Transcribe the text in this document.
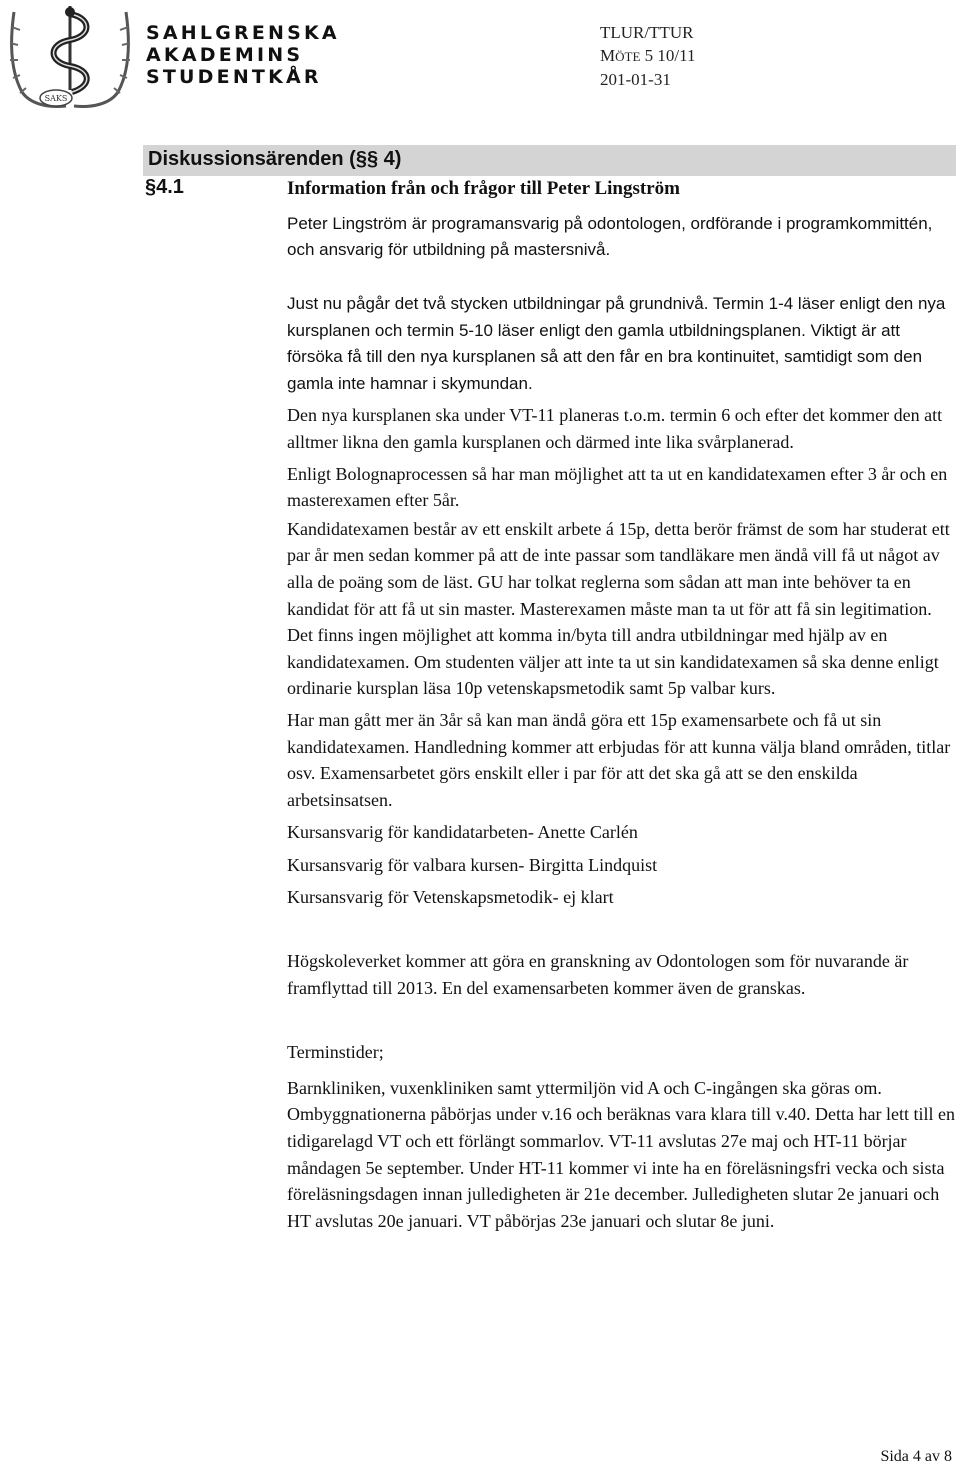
SAKS
SAHLGRENSKA
AKADEMINS
STUDENTKÅR
TLUR/TTUR
MÖTE 5 10/11
201-01-31
Diskussionsärenden (§§ 4)
§4.1	Information från och frågor till Peter Lingström

Peter Lingström är programansvarig på odontologen, ordförande i programkommittén, och ansvarig för utbildning på mastersnivå.

Just nu pågår det två stycken utbildningar på grundnivå. Termin 1-4 läser enligt den nya kursplanen och termin 5-10 läser enligt den gamla utbildningsplanen. Viktigt är att försöka få till den nya kursplanen så att den får en bra kontinuitet, samtidigt som den gamla inte hamnar i skymundan.

Den nya kursplanen ska under VT-11 planeras t.o.m. termin 6 och efter det kommer den att alltmer likna den gamla kursplanen och därmed inte lika svårplanerad.

Enligt Bolognaprocessen så har man möjlighet att ta ut en kandidatexamen efter 3 år och en masterexamen efter 5år.

Kandidatexamen består av ett enskilt arbete á 15p, detta berör främst de som har studerat ett par år men sedan kommer på att de inte passar som tandläkare men ändå vill få ut något av alla de poäng som de läst. GU har tolkat reglerna som sådan att man inte behöver ta en kandidat för att få ut sin master. Masterexamen måste man ta ut för att få sin legitimation. Det finns ingen möjlighet att komma in/byta till andra utbildningar med hjälp av en kandidatexamen. Om studenten väljer att inte ta ut sin kandidatexamen så ska denne enligt ordinarie kursplan läsa 10p vetenskapsmetodik samt 5p valbar kurs.

Har man gått mer än 3år så kan man ändå göra ett 15p examensarbete och få ut sin kandidatexamen. Handledning kommer att erbjudas för att kunna välja bland områden, titlar osv. Examensarbetet görs enskilt eller i par för att det ska gå att se den enskilda arbetsinsatsen.

Kursansvarig för kandidatarbeten- Anette Carlén

Kursansvarig för valbara kursen- Birgitta Lindquist

Kursansvarig för Vetenskapsmetodik- ej klart

Högskoleverket kommer att göra en granskning av Odontologen som för nuvarande är framflyttad till 2013. En del examensarbeten kommer även de granskas.

Terminstider;

Barnkliniken, vuxenkliniken samt yttermiljön vid A och C-ingången ska göras om. Ombyggnationerna påbörjas under v.16 och beräknas vara klara till v.40. Detta har lett till en tidigarelagd VT och ett förlängt sommarlov. VT-11 avslutas 27e maj och HT-11 börjar måndagen 5e september. Under HT-11 kommer vi inte ha en föreläsningsfri vecka och sista föreläsningsdagen innan julledigheten är 21e december. Julledigheten slutar 2e januari och HT avslutas 20e januari. VT påbörjas 23e januari och slutar 8e juni.

Sida 4 av 8
